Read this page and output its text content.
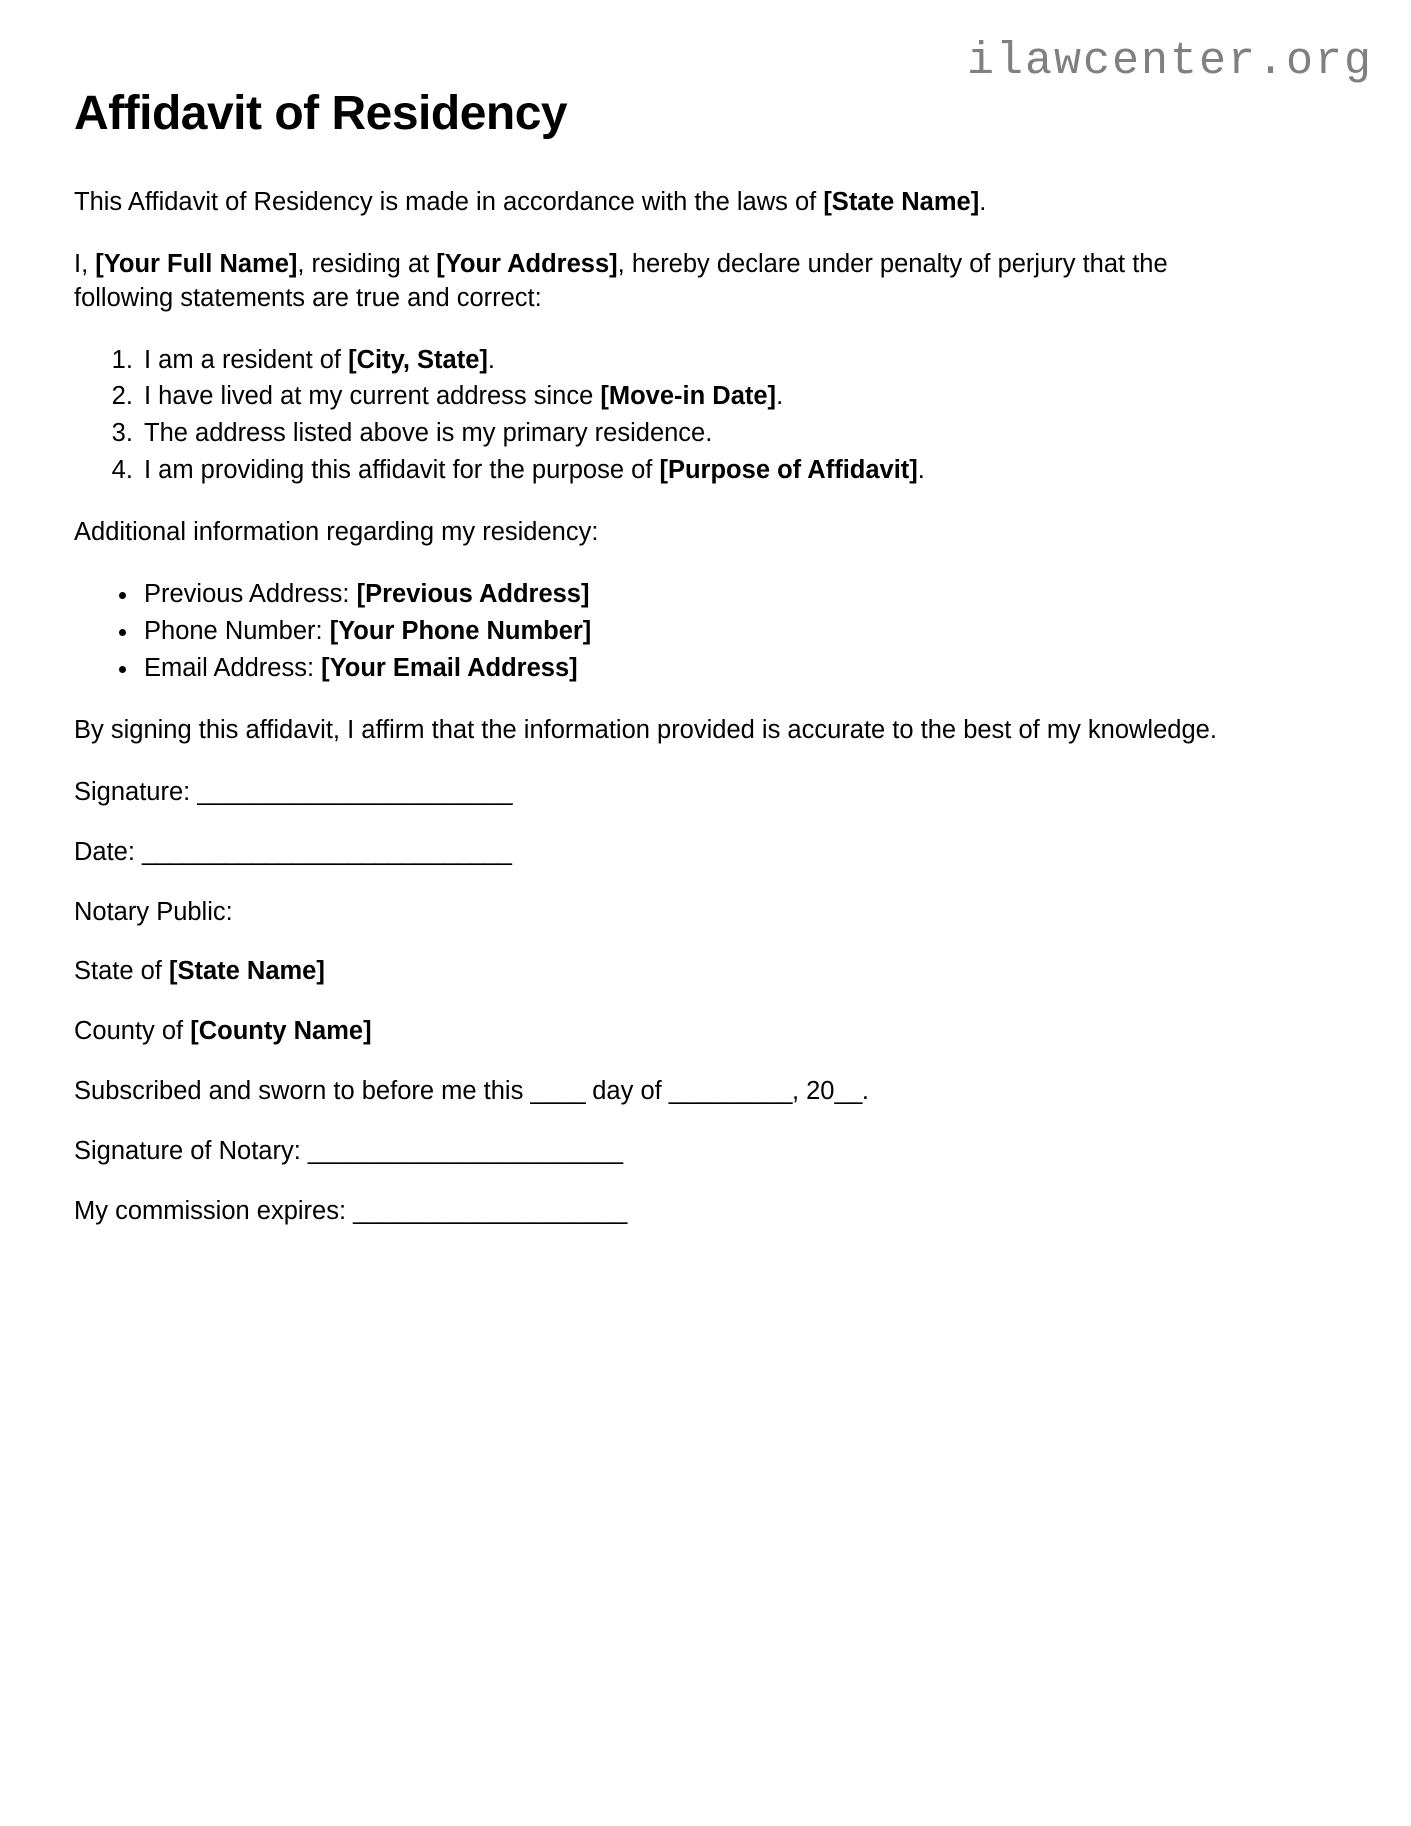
ilawcenter.org
Affidavit of Residency

This Affidavit of Residency is made in accordance with the laws of [State Name].

I, [Your Full Name], residing at [Your Address], hereby declare under penalty of perjury that the following statements are true and correct:

1. I am a resident of [City, State].
2. I have lived at my current address since [Move-in Date].
3. The address listed above is my primary residence.
4. I am providing this affidavit for the purpose of [Purpose of Affidavit].

Additional information regarding my residency:

• Previous Address: [Previous Address]
• Phone Number: [Your Phone Number]
• Email Address: [Your Email Address]

By signing this affidavit, I affirm that the information provided is accurate to the best of my knowledge.

Signature: _______________________

Date: ___________________________

Notary Public:

State of [State Name]

County of [County Name]

Subscribed and sworn to before me this ____ day of _________, 20__.

Signature of Notary: _______________________

My commission expires: ____________________
